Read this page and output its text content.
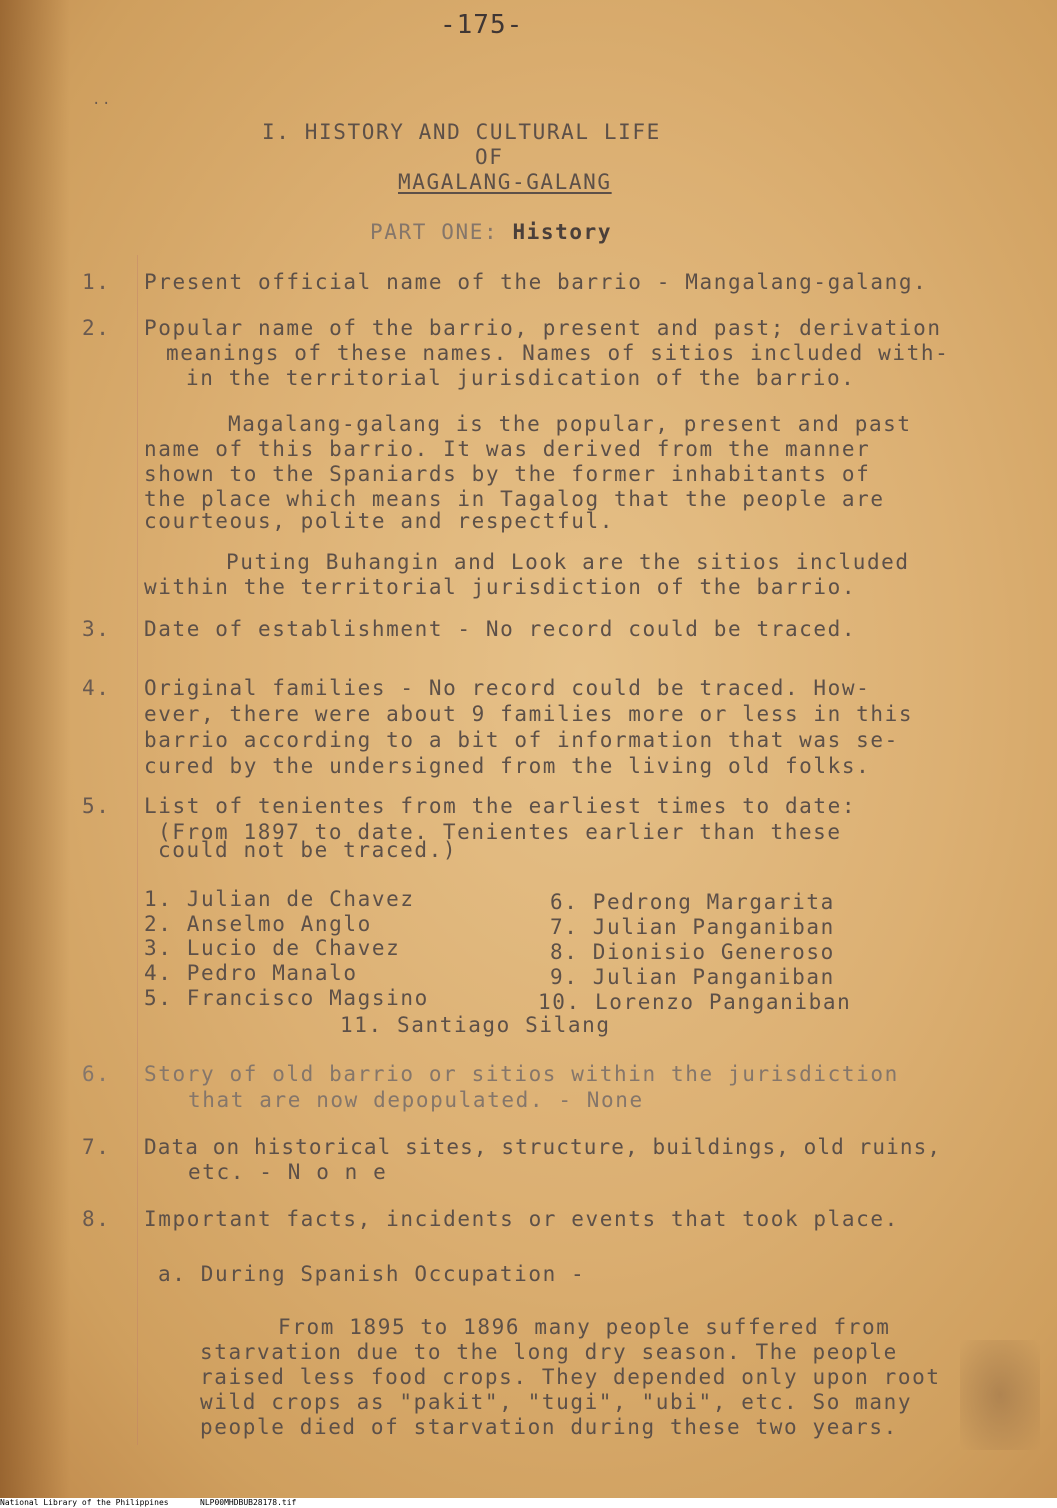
-175-
..
I. HISTORY AND CULTURAL LIFE
OF
MAGALANG-GALANG
PART ONE: History
1. Present official name of the barrio - Mangalang-galang.
2. Popular name of the barrio, present and past; derivation
meanings of these names. Names of sitios included with-
in the territorial jurisdication of the barrio.
Magalang-galang is the popular, present and past
name of this barrio. It was derived from the manner
shown to the Spaniards by the former inhabitants of
the place which means in Tagalog that the people are
courteous, polite and respectful.
Puting Buhangin and Look are the sitios included
within the territorial jurisdiction of the barrio.
3. Date of establishment - No record could be traced.
4. Original families - No record could be traced. How-
ever, there were about 9 families more or less in this
barrio according to a bit of information that was se-
cured by the undersigned from the living old folks.
5. List of tenientes from the earliest times to date:
(From 1897 to date. Tenientes earlier than these
could not be traced.)
1. Julian de Chavez
2. Anselmo Anglo
3. Lucio de Chavez
4. Pedro Manalo
5. Francisco Magsino
6. Pedrong Margarita
7. Julian Panganiban
8. Dionisio Generoso
9. Julian Panganiban
10. Lorenzo Panganiban
11. Santiago Silang
6. Story of old barrio or sitios within the jurisdiction
that are now depopulated. - None
7. Data on historical sites, structure, buildings, old ruins,
etc. - N o n e
8. Important facts, incidents or events that took place.
a. During Spanish Occupation -
From 1895 to 1896 many people suffered from
starvation due to the long dry season. The people
raised less food crops. They depended only upon root
wild crops as "pakit", "tugi", "ubi", etc. So many
people died of starvation during these two years.
National Library of the Philippines	NLP00MHDBUB28178.tif
